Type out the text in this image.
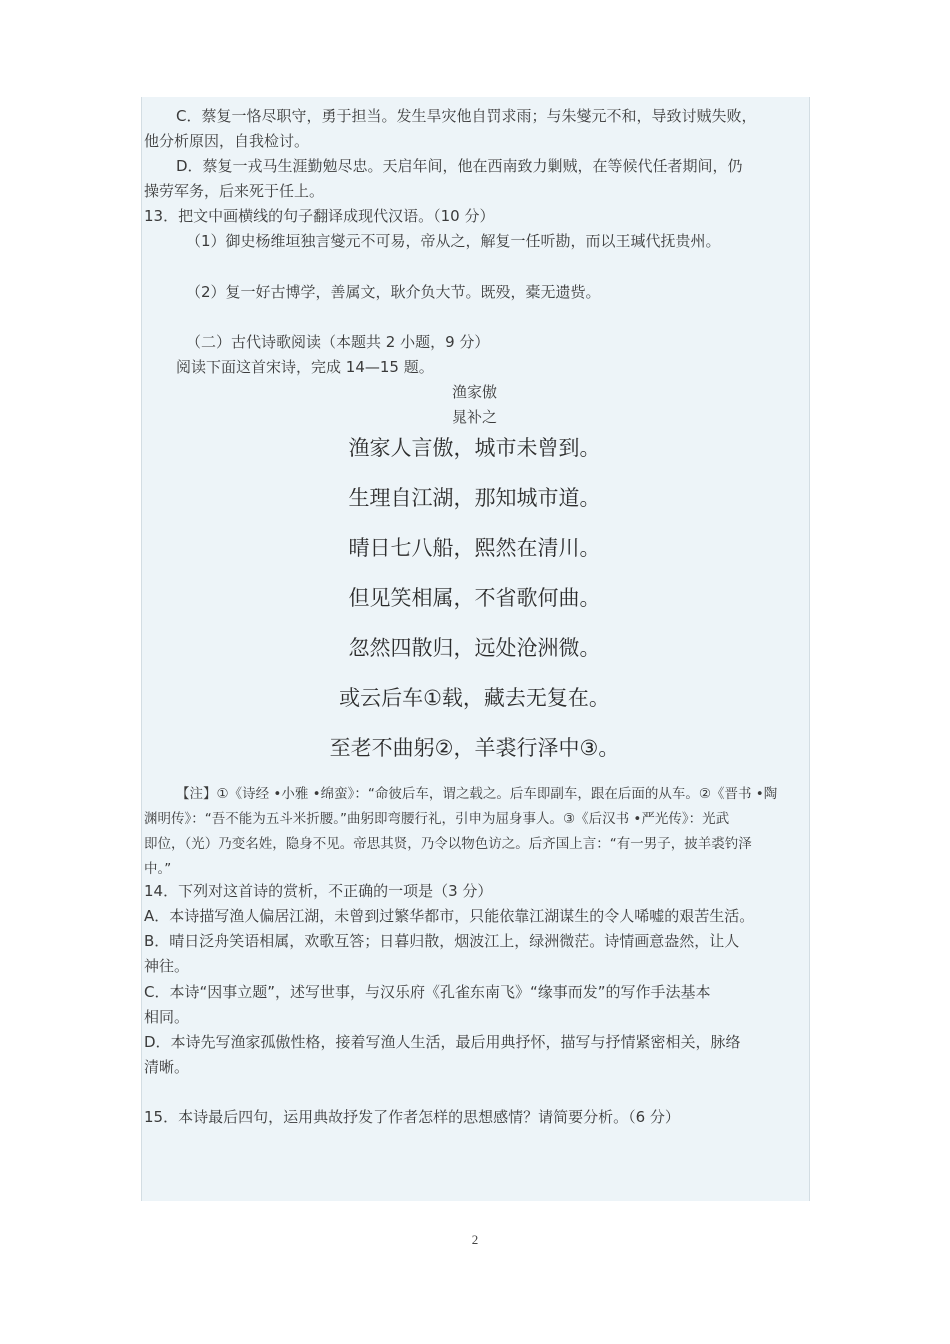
C．蔡复一恪尽职守，勇于担当。发生旱灾他自罚求雨；与朱燮元不和，导致讨贼失败，
他分析原因，自我检讨。
D．蔡复一戎马生涯勤勉尽忠。天启年间，他在西南致力剿贼，在等候代任者期间，仍
操劳军务，后来死于任上。
13．把文中画横线的句子翻译成现代汉语。（10 分）
（1）御史杨维垣独言燮元不可易，帝从之，解复一任听勘，而以王瑊代抚贵州。
（2）复一好古博学，善属文，耿介负大节。既殁，橐无遗赀。
（二）古代诗歌阅读（本题共 2 小题，9 分）
阅读下面这首宋诗，完成 14—15 题。
渔家傲
晁补之
渔家人言傲，城市未曾到。
生理自江湖，那知城市道。
晴日七八船，熙然在清川。
但见笑相属，不省歌何曲。
忽然四散归，远处沧洲微。
或云后车①载，藏去无复在。
至老不曲躬②，羊裘行泽中③。
【注】①《诗经 •小雅 •绵蛮》：“命彼后车，谓之载之。后车即副车，跟在后面的从车。②《晋书 •陶
渊明传》：“吾不能为五斗米折腰。”曲躬即弯腰行礼，引申为屈身事人。③《后汉书 •严光传》：光武
即位，（光）乃变名姓，隐身不见。帝思其贤，乃令以物色访之。后齐国上言：“有一男子，披羊裘钓泽
中。”
14．下列对这首诗的赏析，不正确的一项是（3 分）
A．本诗描写渔人偏居江湖，未曾到过繁华都市，只能依靠江湖谋生的令人唏嘘的艰苦生活。
B．晴日泛舟笑语相属，欢歌互答；日暮归散，烟波江上，绿洲微茫。诗情画意盎然，让人
神往。
C．本诗“因事立题”，述写世事，与汉乐府《孔雀东南飞》“缘事而发”的写作手法基本
相同。
D．本诗先写渔家孤傲性格，接着写渔人生活，最后用典抒怀，描写与抒情紧密相关，脉络
清晰。
15．本诗最后四句，运用典故抒发了作者怎样的思想感情？请简要分析。（6 分）
2
